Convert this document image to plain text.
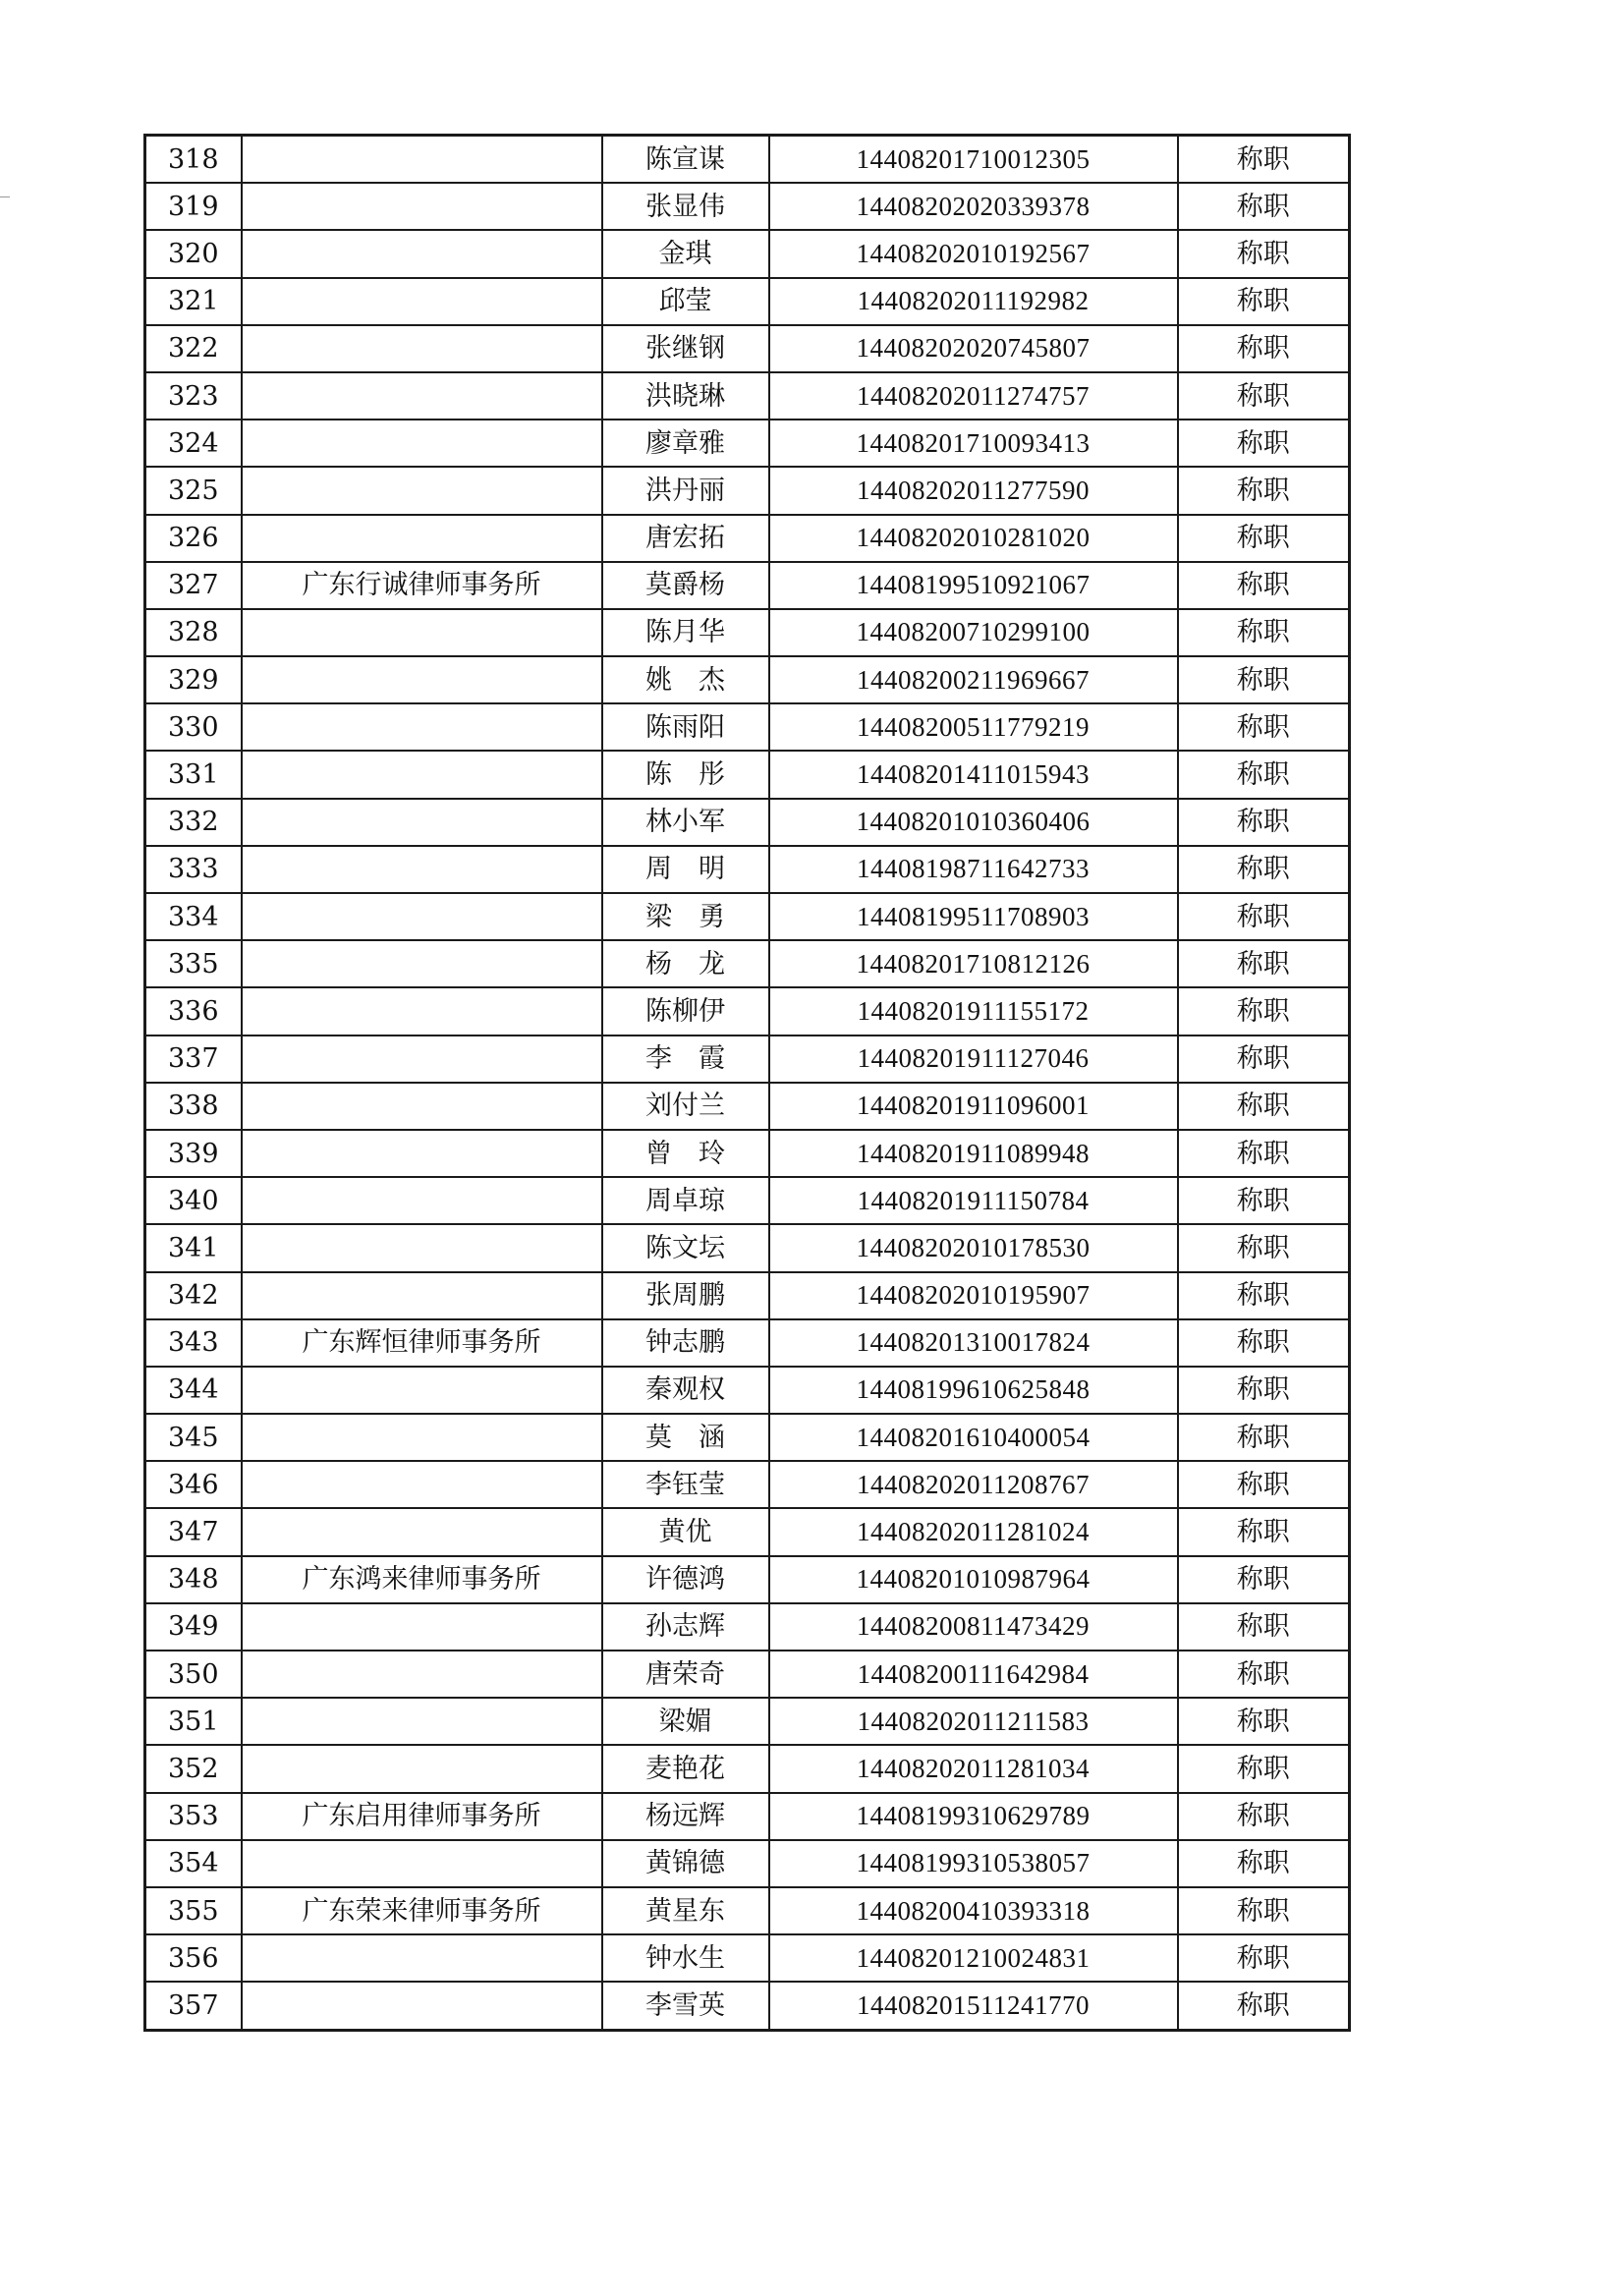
318		陈宣谋	14408201710012305	称职
319		张显伟	14408202020339378	称职
320		金琪	14408202010192567	称职
321		邱莹	14408202011192982	称职
322		张继钢	14408202020745807	称职
323		洪晓琳	14408202011274757	称职
324		廖章雅	14408201710093413	称职
325		洪丹丽	14408202011277590	称职
326		唐宏拓	14408202010281020	称职
327	广东行诚律师事务所	莫爵杨	14408199510921067	称职
328		陈月华	14408200710299100	称职
329		姚　杰	14408200211969667	称职
330		陈雨阳	14408200511779219	称职
331		陈　彤	14408201411015943	称职
332		林小军	14408201010360406	称职
333		周　明	14408198711642733	称职
334		梁　勇	14408199511708903	称职
335		杨　龙	14408201710812126	称职
336		陈柳伊	14408201911155172	称职
337		李　霞	14408201911127046	称职
338		刘付兰	14408201911096001	称职
339		曾　玲	14408201911089948	称职
340		周卓琼	14408201911150784	称职
341		陈文坛	14408202010178530	称职
342		张周鹏	14408202010195907	称职
343	广东辉恒律师事务所	钟志鹏	14408201310017824	称职
344		秦观权	14408199610625848	称职
345		莫　涵	14408201610400054	称职
346		李钰莹	14408202011208767	称职
347		黄优	14408202011281024	称职
348	广东鸿来律师事务所	许德鸿	14408201010987964	称职
349		孙志辉	14408200811473429	称职
350		唐荣奇	14408200111642984	称职
351		梁媚	14408202011211583	称职
352		麦艳花	14408202011281034	称职
353	广东启用律师事务所	杨远辉	14408199310629789	称职
354		黄锦德	14408199310538057	称职
355	广东荣来律师事务所	黄星东	14408200410393318	称职
356		钟水生	14408201210024831	称职
357		李雪英	14408201511241770	称职
